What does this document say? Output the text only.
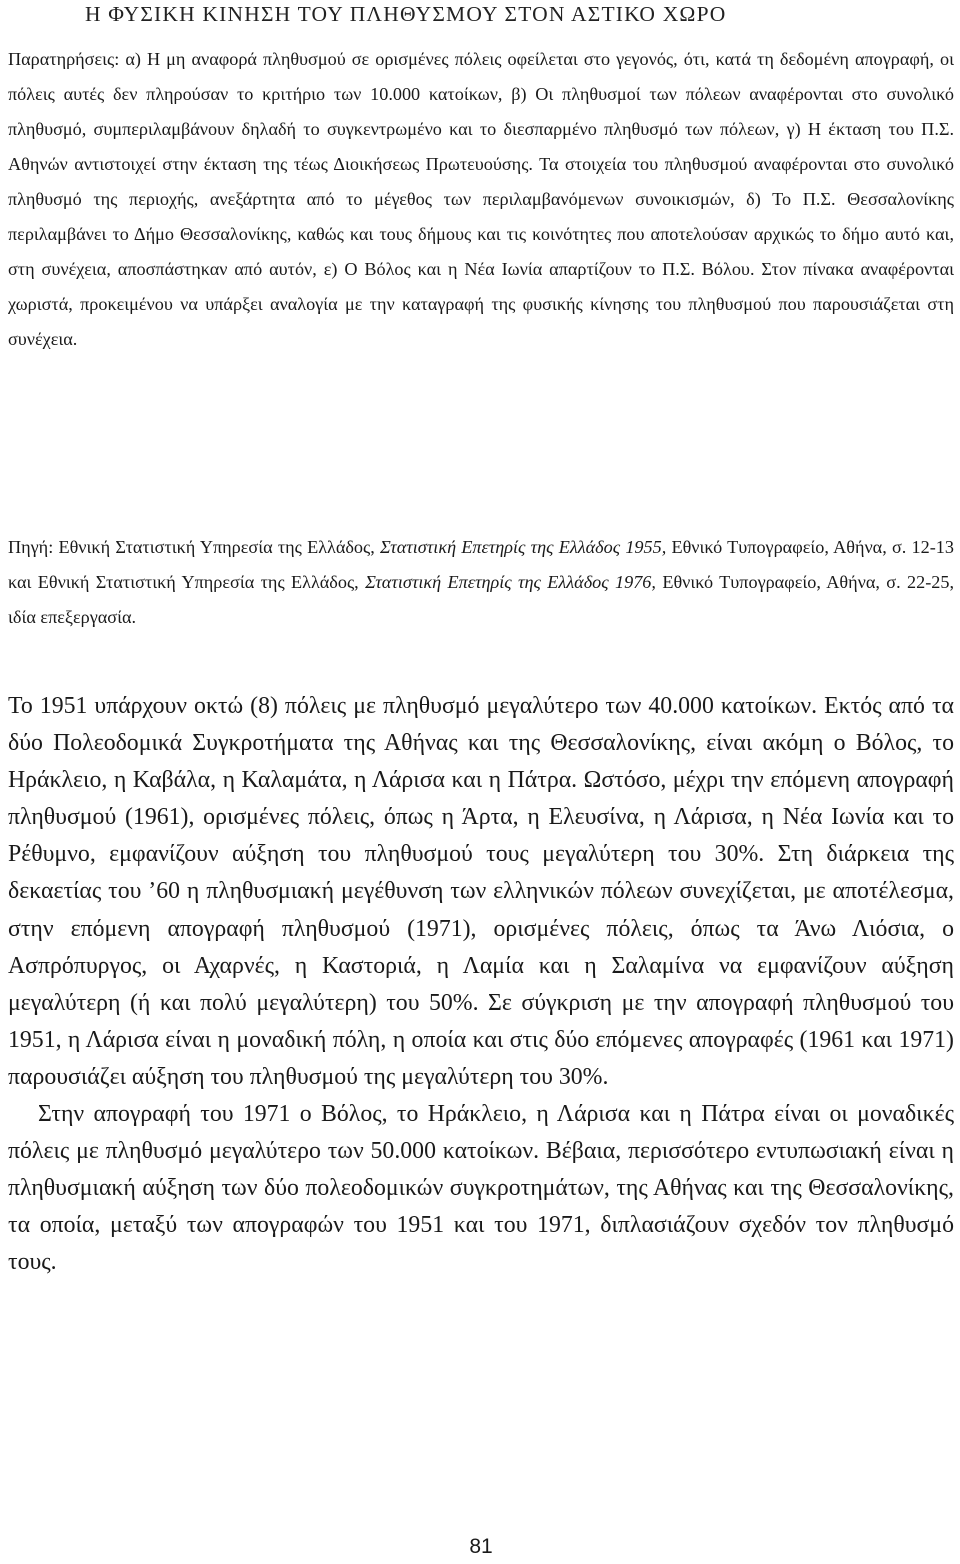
Η ΦΥΣΙΚΗ ΚΙΝΗΣΗ ΤΟΥ ΠΛΗΘΥΣΜΟΥ ΣΤΟΝ ΑΣΤΙΚΟ ΧΩΡΟ
Παρατηρήσεις: α) Η μη αναφορά πληθυσμού σε ορισμένες πόλεις οφείλεται στο γεγονός, ότι, κατά τη δεδομένη απογραφή, οι πόλεις αυτές δεν πληρούσαν το κριτήριο των 10.000 κατοίκων, β) Οι πληθυσμοί των πόλεων αναφέρονται στο συνολικό πληθυσμό, συμπεριλαμβάνουν δηλαδή το συγκεντρωμένο και το διεσπαρμένο πληθυσμό των πόλεων, γ) Η έκταση του Π.Σ. Αθηνών αντιστοιχεί στην έκταση της τέως Διοικήσεως Πρωτευούσης. Τα στοιχεία του πληθυσμού αναφέρονται στο συνολικό πληθυσμό της περιοχής, ανεξάρτητα από το μέγεθος των περιλαμβανόμενων συνοικισμών, δ) Το Π.Σ. Θεσσαλονίκης περιλαμβάνει το Δήμο Θεσσαλονίκης, καθώς και τους δήμους και τις κοινότητες που αποτελούσαν αρχικώς το δήμο αυτό και, στη συνέχεια, αποσπάστηκαν από αυτόν, ε) Ο Βόλος και η Νέα Ιωνία απαρτίζουν το Π.Σ. Βόλου. Στον πίνακα αναφέρονται χωριστά, προκειμένου να υπάρξει αναλογία με την καταγραφή της φυσικής κίνησης του πληθυσμού που παρουσιάζεται στη συνέχεια.
Πηγή: Εθνική Στατιστική Υπηρεσία της Ελλάδος, Στατιστική Επετηρίς της Ελλάδος 1955, Εθνικό Τυπογραφείο, Αθήνα, σ. 12-13 και Εθνική Στατιστική Υπηρεσία της Ελλάδος, Στατιστική Επετηρίς της Ελλάδος 1976, Εθνικό Τυπογραφείο, Αθήνα, σ. 22-25, ιδία επεξεργασία.

Το 1951 υπάρχουν οκτώ (8) πόλεις με πληθυσμό μεγαλύτερο των 40.000 κατοίκων. Εκτός από τα δύο Πολεοδομικά Συγκροτήματα της Αθήνας και της Θεσσαλονίκης, είναι ακόμη ο Βόλος, το Ηράκλειο, η Καβάλα, η Καλαμάτα, η Λάρισα και η Πάτρα. Ωστόσο, μέχρι την επόμενη απογραφή πληθυσμού (1961), ορισμένες πόλεις, όπως η Άρτα, η Ελευσίνα, η Λάρισα, η Νέα Ιωνία και το Ρέθυμνο, εμφανίζουν αύξηση του πληθυσμού τους μεγαλύτερη του 30%. Στη διάρκεια της δεκαετίας του ’60 η πληθυσμιακή μεγέθυνση των ελληνικών πόλεων συνεχίζεται, με αποτέλεσμα, στην επόμενη απογραφή πληθυσμού (1971), ορισμένες πόλεις, όπως τα Άνω Λιόσια, ο Ασπρόπυργος, οι Αχαρνές, η Καστοριά, η Λαμία και η Σαλαμίνα να εμφανίζουν αύξηση μεγαλύτερη (ή και πολύ μεγαλύτερη) του 50%. Σε σύγκριση με την απογραφή πληθυσμού του 1951, η Λάρισα είναι η μοναδική πόλη, η οποία και στις δύο επόμενες απογραφές (1961 και 1971) παρουσιάζει αύξηση του πληθυσμού της μεγαλύτερη του 30%.

Στην απογραφή του 1971 ο Βόλος, το Ηράκλειο, η Λάρισα και η Πάτρα είναι οι μοναδικές πόλεις με πληθυσμό μεγαλύτερο των 50.000 κατοίκων. Βέβαια, περισσότερο εντυπωσιακή είναι η πληθυσμιακή αύξηση των δύο πολεοδομικών συγκροτημάτων, της Αθήνας και της Θεσσαλονίκης, τα οποία, μεταξύ των απογραφών του 1951 και του 1971, διπλασιάζουν σχεδόν τον πληθυσμό τους.

81
